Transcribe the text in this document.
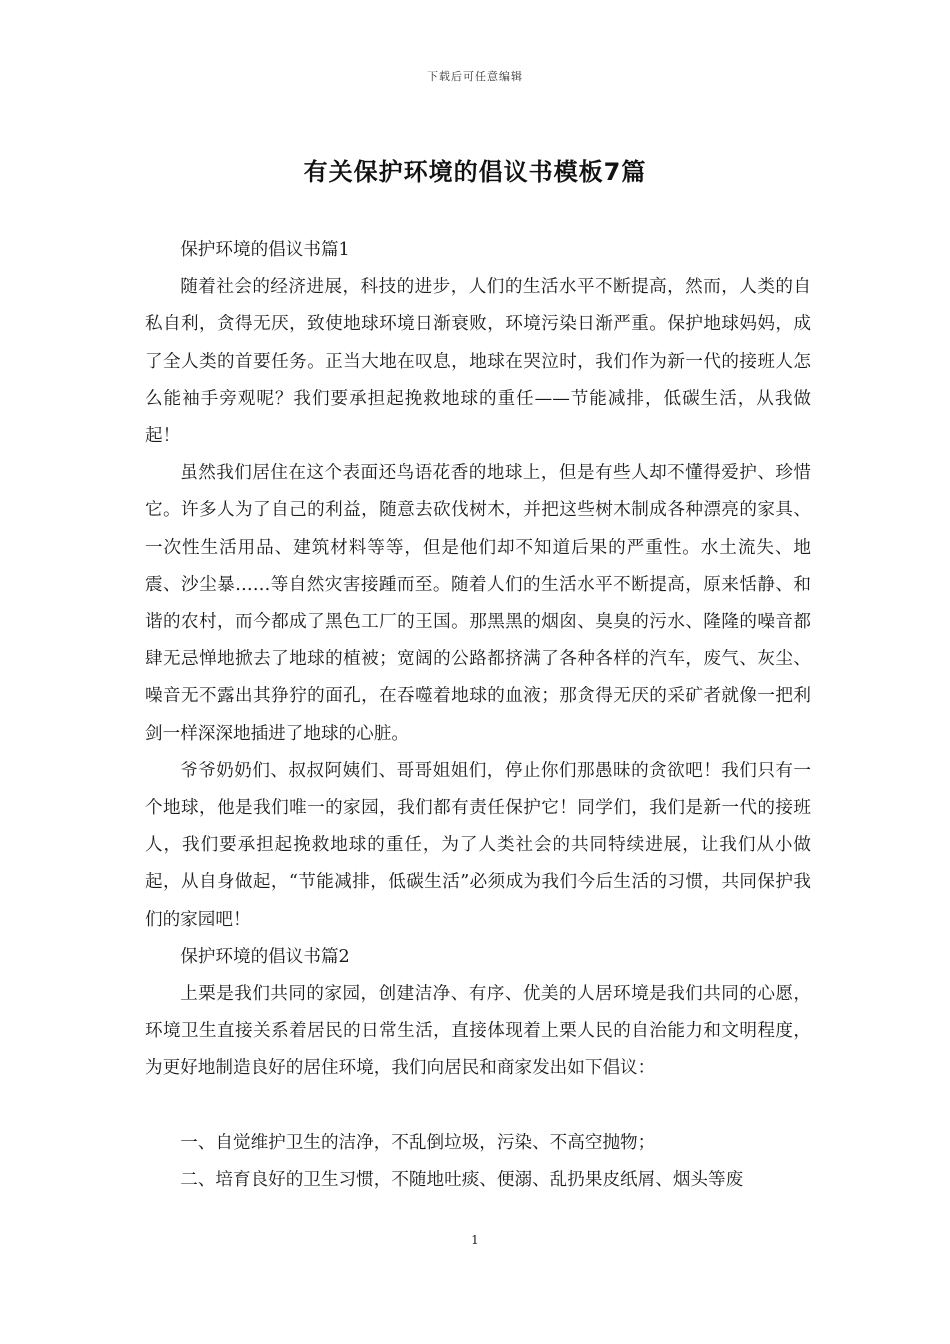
下载后可任意编辑
有关保护环境的倡议书模板7篇

保护环境的倡议书篇1

随着社会的经济进展，科技的进步，人们的生活水平不断提高，然而，人类的自私自利，贪得无厌，致使地球环境日渐衰败，环境污染日渐严重。保护地球妈妈，成了全人类的首要任务。正当大地在叹息，地球在哭泣时，我们作为新一代的接班人怎么能袖手旁观呢？我们要承担起挽救地球的重任——节能减排，低碳生活，从我做起！

虽然我们居住在这个表面还鸟语花香的地球上，但是有些人却不懂得爱护、珍惜它。许多人为了自己的利益，随意去砍伐树木，并把这些树木制成各种漂亮的家具、一次性生活用品、建筑材料等等，但是他们却不知道后果的严重性。水土流失、地震、沙尘暴……等自然灾害接踵而至。随着人们的生活水平不断提高，原来恬静、和谐的农村，而今都成了黑色工厂的王国。那黑黑的烟囱、臭臭的污水、隆隆的噪音都肆无忌惮地掀去了地球的植被；宽阔的公路都挤满了各种各样的汽车，废气、灰尘、噪音无不露出其狰狞的面孔，在吞噬着地球的血液；那贪得无厌的采矿者就像一把利剑一样深深地插进了地球的心脏。

爷爷奶奶们、叔叔阿姨们、哥哥姐姐们，停止你们那愚昧的贪欲吧！我们只有一个地球，他是我们唯一的家园，我们都有责任保护它！同学们，我们是新一代的接班人，我们要承担起挽救地球的重任，为了人类社会的共同特续进展，让我们从小做起，从自身做起，“节能减排，低碳生活”必须成为我们今后生活的习惯，共同保护我们的家园吧！

保护环境的倡议书篇2

上栗是我们共同的家园，创建洁净、有序、优美的人居环境是我们共同的心愿，环境卫生直接关系着居民的日常生活，直接体现着上栗人民的自治能力和文明程度，为更好地制造良好的居住环境，我们向居民和商家发出如下倡议：

一、自觉维护卫生的洁净，不乱倒垃圾，污染、不高空抛物；

二、培育良好的卫生习惯，不随地吐痰、便溺、乱扔果皮纸屑、烟头等废

1
